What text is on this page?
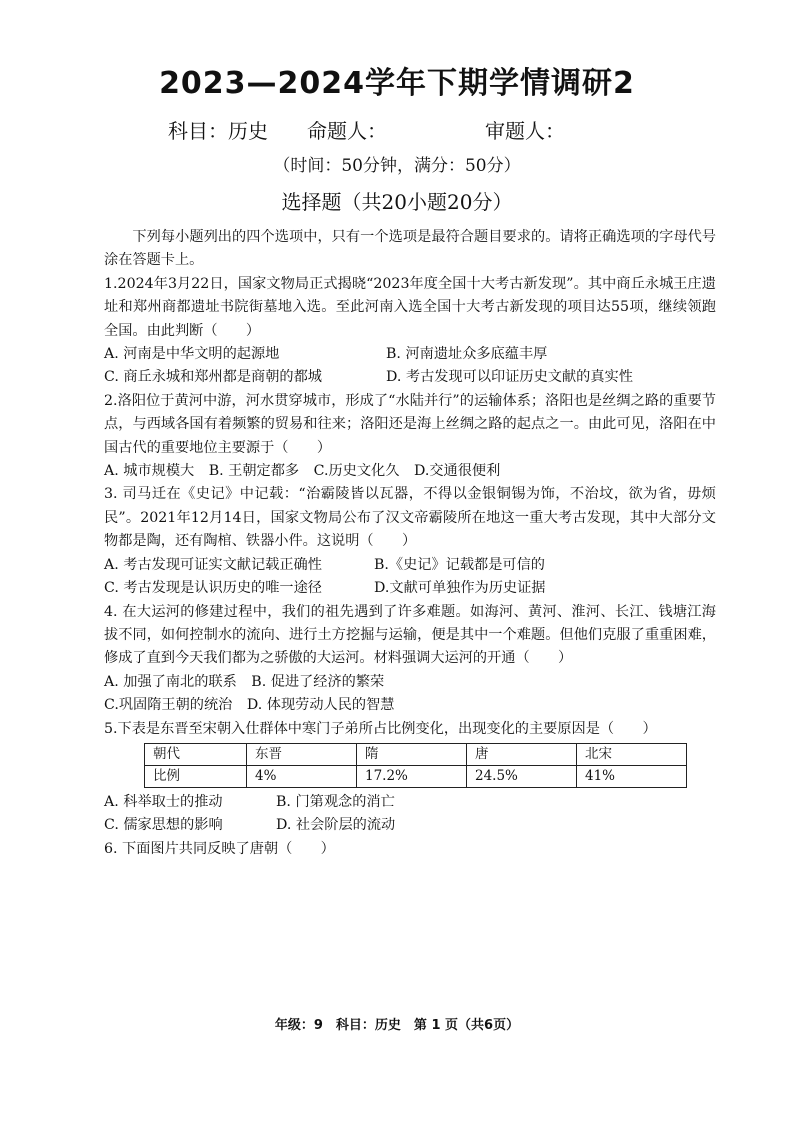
2023—2024学年下期学情调研2
科目：历史 命题人：	审题人：
（时间：50分钟，满分：50分）
选择题（共20小题20分）

下列每小题列出的四个选项中，只有一个选项是最符合题目要求的。请将正确选项的字母代号涂在答题卡上。

1.2024年3月22日，国家文物局正式揭晓“2023年度全国十大考古新发现”。其中商丘永城王庄遗址和郑州商都遗址书院街墓地入选。至此河南入选全国十大考古新发现的项目达55项，继续领跑全国。由此判断（　　）

A. 河南是中华文明的起源地	B. 河南遗址众多底蕴丰厚
C. 商丘永城和郑州都是商朝的都城	D. 考古发现可以印证历史文献的真实性

2.洛阳位于黄河中游，河水贯穿城市，形成了“水陆并行”的运输体系；洛阳也是丝绸之路的重要节点，与西域各国有着频繁的贸易和往来；洛阳还是海上丝绸之路的起点之一。由此可见，洛阳在中国古代的重要地位主要源于（　　）

A. 城市规模大 B. 王朝定都多 C.历史文化久 D.交通很便利

3. 司马迁在《史记》中记载：“治霸陵皆以瓦器，不得以金银铜锡为饰，不治坟，欲为省，毋烦民”。2021年12月14日，国家文物局公布了汉文帝霸陵所在地这一重大考古发现，其中大部分文物都是陶，还有陶棺、铁器小件。这说明（　　）

A. 考古发现可证实文献记载正确性	B.《史记》记载都是可信的
C. 考古发现是认识历史的唯一途径	D.文献可单独作为历史证据

4. 在大运河的修建过程中，我们的祖先遇到了许多难题。如海河、黄河、淮河、长江、钱塘江海拔不同，如何控制水的流向、进行土方挖掘与运输，便是其中一个难题。但他们克服了重重困难，修成了直到今天我们都为之骄傲的大运河。材料强调大运河的开通（　　）

A. 加强了南北的联系 B. 促进了经济的繁荣
C.巩固隋王朝的统治 D. 体现劳动人民的智慧

5.下表是东晋至宋朝入仕群体中寒门子弟所占比例变化，出现变化的主要原因是（　　）

朝代	东晋	隋	唐	北宋
比例	4%	17.2%	24.5%	41%
A. 科举取士的推动	B. 门第观念的消亡
C. 儒家思想的影响	D. 社会阶层的流动

6. 下面图片共同反映了唐朝（　　）

年级：9　科目：历史　第 1 页（共6页）
